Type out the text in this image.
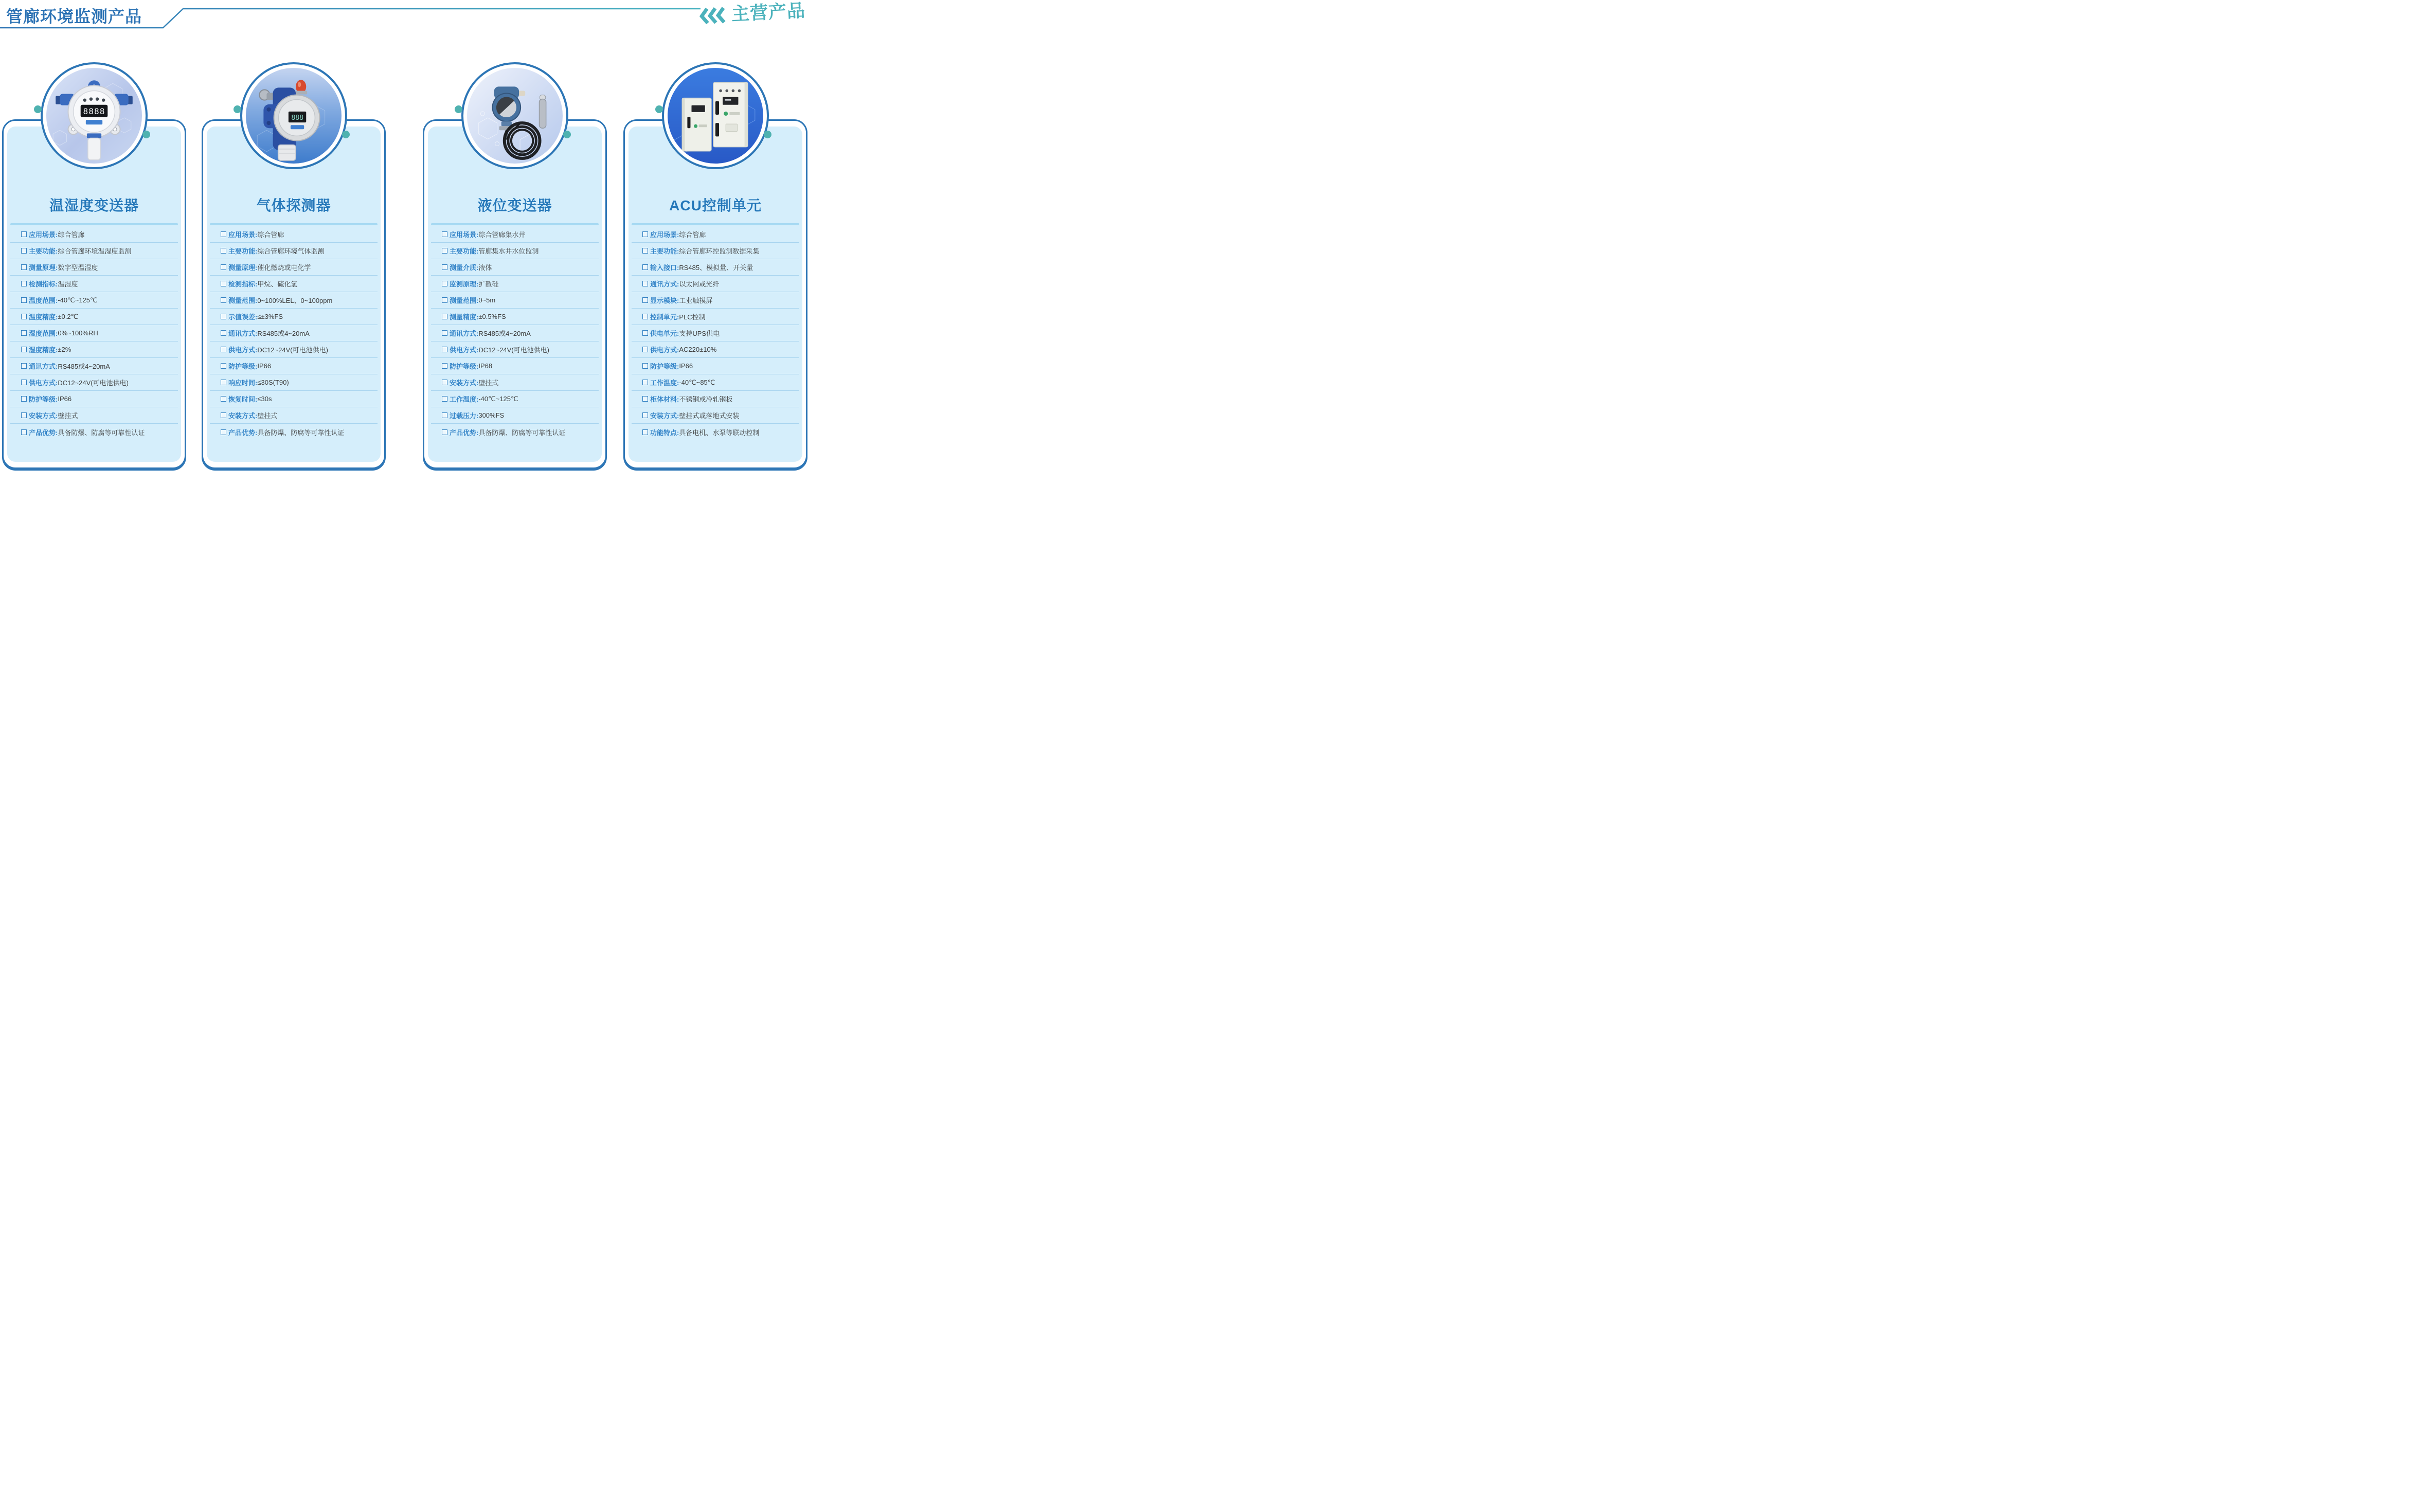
管廊环境监测产品	主营产品
温湿度变送器
应用场景: 综合管廊
主要功能: 综合管廊环境温湿度监测
测量原理: 数字型温湿度
检测指标: 温湿度
温度范围: -40℃~125℃
温度精度: ±0.2℃
湿度范围: 0%~100%RH
湿度精度: ±2%
通讯方式: RS485或4~20mA
供电方式: DC12~24V(可电池供电)
防护等级: IP66
安装方式: 壁挂式
产品优势: 具备防爆、防腐等可靠性认证
8888
气体探测器
应用场景: 综合管廊
主要功能: 综合管廊环境气体监测
测量原理: 催化燃烧或电化学
检测指标: 甲烷、硫化氢
测量范围: 0~100%LEL、0~100ppm
示值误差: ≤±3%FS
通讯方式: RS485或4~20mA
供电方式: DC12~24V(可电池供电)
防护等级: IP66
响应时间: ≤30S(T90)
恢复时间: ≤30s
安装方式: 壁挂式
产品优势: 具备防爆、防腐等可靠性认证
888
液位变送器
应用场景: 综合管廊集水井
主要功能: 管廊集水井水位监测
测量介质: 液体
监测原理: 扩散硅
测量范围: 0~5m
测量精度: ±0.5%FS
通讯方式: RS485或4~20mA
供电方式: DC12~24V(可电池供电)
防护等级: IP68
安装方式: 壁挂式
工作温度: -40℃~125℃
过载压力: 300%FS
产品优势: 具备防爆、防腐等可靠性认证
ACU控制单元
应用场景: 综合管廊
主要功能: 综合管廊环控监测数据采集
输入接口: RS485、模拟量、开关量
通讯方式: 以太网或光纤
显示模块: 工业触摸屏
控制单元: PLC控制
供电单元: 支持UPS供电
供电方式: AC220±10%
防护等级: IP66
工作温度: -40℃~85℃
柜体材料: 不锈钢或冷轧钢板
安装方式: 壁挂式或落地式安装
功能特点: 具备电机、水泵等联动控制
